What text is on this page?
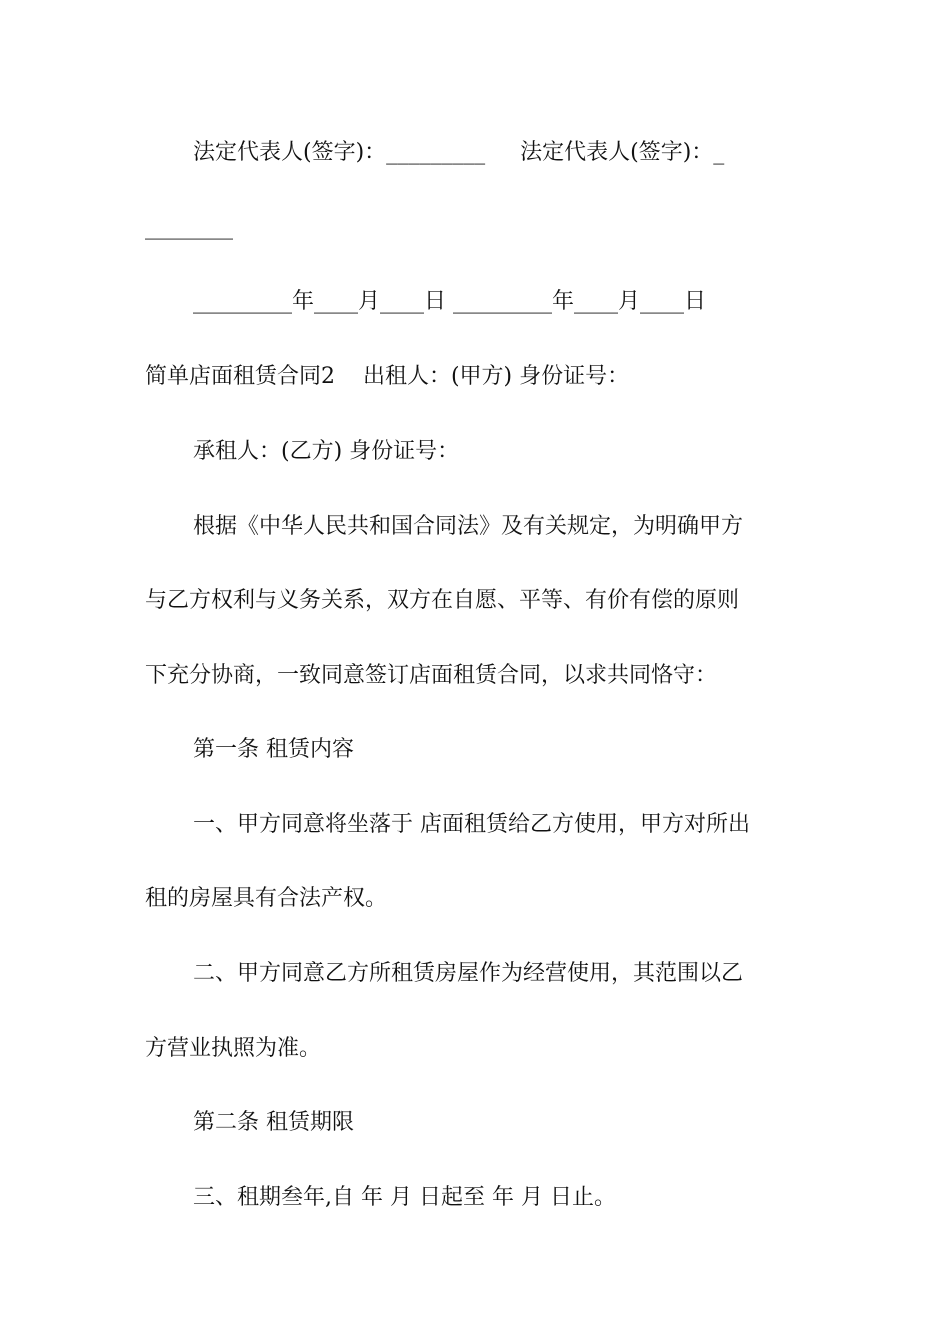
法定代表人(签字)：_________     法定代表人(签字)：_
________
_________年____月____日 _________年____月____日
简单店面租赁合同2    出租人：(甲方) 身份证号：
承租人：(乙方) 身份证号：
根据《中华人民共和国合同法》及有关规定，为明确甲方
与乙方权利与义务关系，双方在自愿、平等、有价有偿的原则
下充分协商，一致同意签订店面租赁合同，以求共同恪守：
第一条 租赁内容
一、甲方同意将坐落于 店面租赁给乙方使用，甲方对所出
租的房屋具有合法产权。
二、甲方同意乙方所租赁房屋作为经营使用，其范围以乙
方营业执照为准。
第二条 租赁期限
三、租期叁年,自 年 月 日起至 年 月 日止。
